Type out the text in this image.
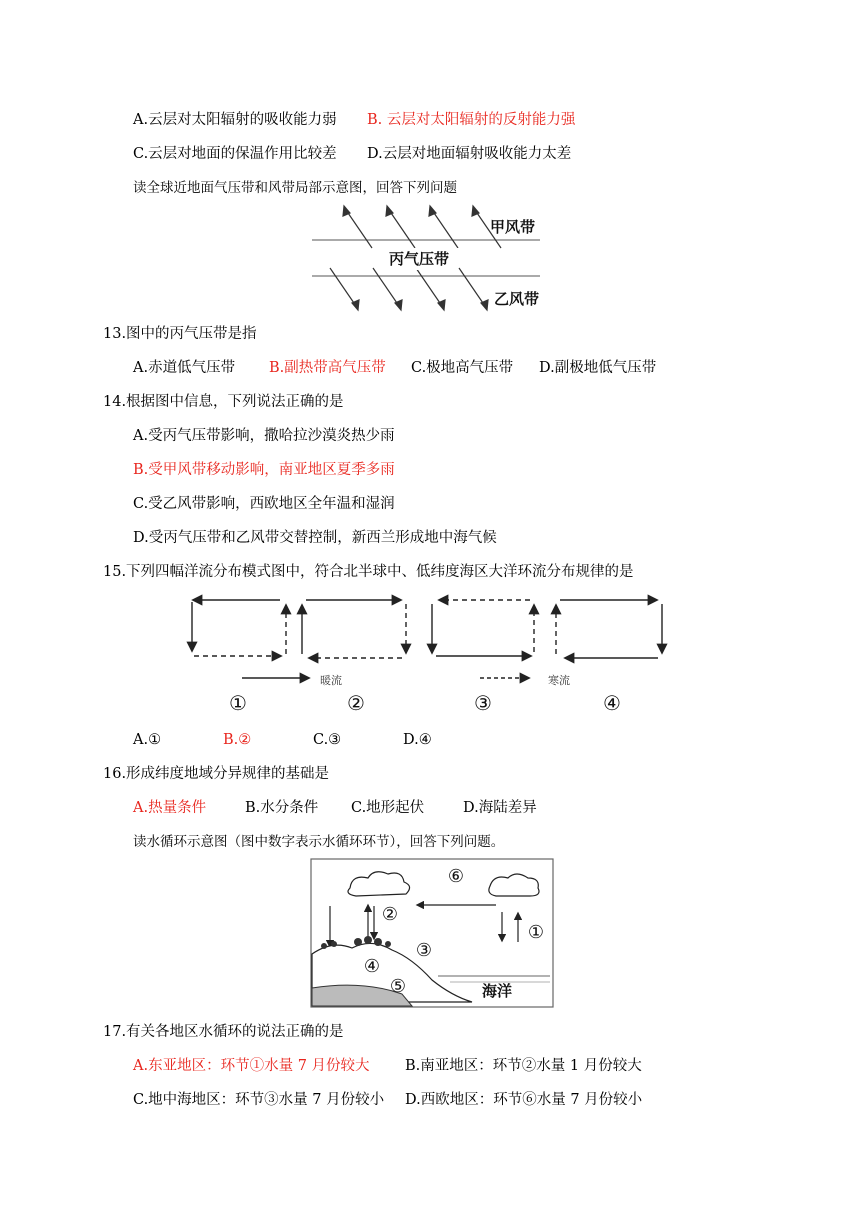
A.云层对太阳辐射的吸收能力弱 B. 云层对太阳辐射的反射能力强
C.云层对地面的保温作用比较差 D.云层对地面辐射吸收能力太差
读全球近地面气压带和风带局部示意图，回答下列问题
丙气压带
甲风带
乙风带
13.图中的丙气压带是指
A.赤道低气压带 B.副热带高气压带 C.极地高气压带 D.副极地低气压带
14.根据图中信息，下列说法正确的是
A.受丙气压带影响，撒哈拉沙漠炎热少雨
B.受甲风带移动影响，南亚地区夏季多雨
C.受乙风带影响，西欧地区全年温和湿润
D.受丙气压带和乙风带交替控制，新西兰形成地中海气候
15.下列四幅洋流分布模式图中，符合北半球中、低纬度海区大洋环流分布规律的是
暖流	寒流
①	②	③	④
A.①	B.②	C.③	D.④
16.形成纬度地域分异规律的基础是
A.热量条件	B.水分条件 C.地形起伏	D.海陆差异
读水循环示意图（图中数字表示水循环环节），回答下列问题。
海洋
⑥
②
①
③
④
⑤
17.有关各地区水循环的说法正确的是
A.东亚地区：环节①水量 7 月份较大 B.南亚地区：环节②水量 1 月份较大
C.地中海地区：环节③水量 7 月份较小 D.西欧地区：环节⑥水量 7 月份较小
